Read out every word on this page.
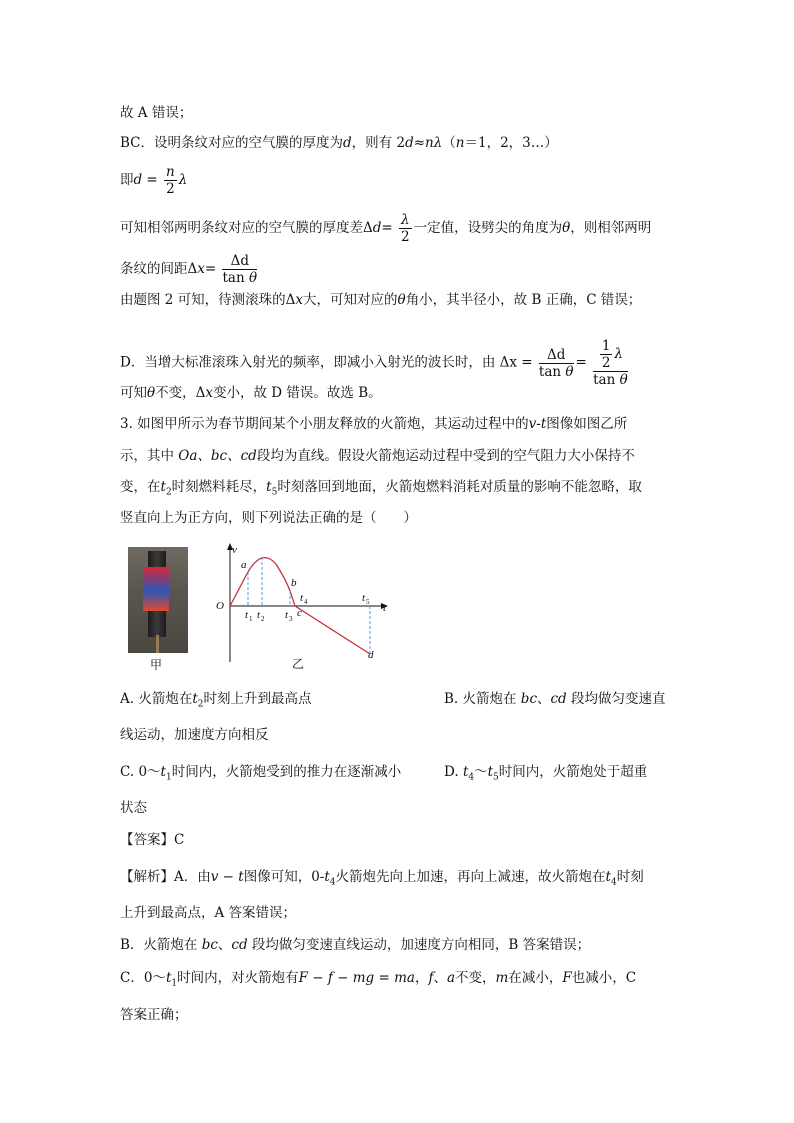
故 A 错误；
BC．设明条纹对应的空气膜的厚度为d，则有 2d≈nλ（n＝1，2，3…）
即$d = \frac{n}{2}$ λ
可知相邻两明条纹对应的空气膜的厚度差$\Delta d= \frac{\lambda}{2}$ 一定值，设劈尖的角度为θ，则相邻两明
条纹的间距$\Delta x= \frac{\Delta d}{\text{tan θ}}$
由题图 2 可知，待测滚珠的Δx大，可知对应的θ角小，其半径小，故 B 正确，C 错误；
D．当增大标准滚珠入射光的频率，即减小入射光的波长时，由 $\Delta x = \frac{\Delta d}{\text{tan θ}} = \frac{\frac{1}{2} \lambda}{\text{tan θ}}$
可知θ不变，Δx变小，故 D 错误。故选 B。
3. 如图甲所示为春节期间某个小朋友释放的火箭炮，其运动过程中的v-t图像如图乙所
示，其中 Oa、bc、cd段均为直线。假设火箭炮运动过程中受到的空气阻力大小保持不
变，在$t_2$时刻燃料耗尽，$t_5$时刻落回到地面，火箭炮燃料消耗对质量的影响不能忽略，取
竖直向上为正方向，则下列说法正确的是（　　）
甲
v
t
O
a
b
c
d
t 1 t 2 t 3
t 4	t 5
乙
A. 火箭炮在$t_2$时刻上升到最高点	B. 火箭炮在 bc、cd 段均做匀变速直
线运动，加速度方向相反
C. $0\sim t_1$时间内，火箭炮受到的推力在逐渐减小	D. $t_4\sim t_5$时间内，火箭炮处于超重
状态
【答案】C
【解析】A．由v − t图像可知，$0-t_4$火箭炮先向上加速，再向上减速，故火箭炮在$t_4$时刻
上升到最高点，A 答案错误；
B．火箭炮在 bc、cd 段均做匀变速直线运动，加速度方向相同，B 答案错误；
C．$0\sim t_1$时间内，对火箭炮有F − f − mg = ma，f、a不变，m在减小，F也减小，C
答案正确；
